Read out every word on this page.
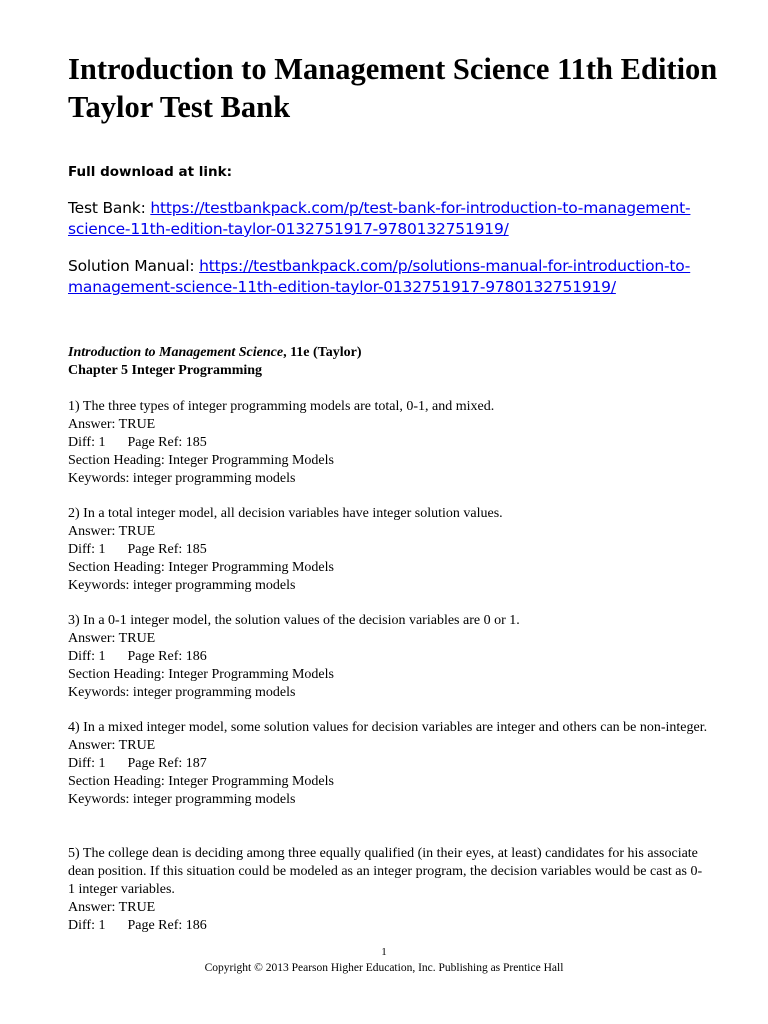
Introduction to Management Science 11th Edition Taylor Test Bank

Full download at link:

Test Bank: https://testbankpack.com/p/test-bank-for-introduction-to-management-science-11th-edition-taylor-0132751917-9780132751919/

Solution Manual: https://testbankpack.com/p/solutions-manual-for-introduction-to-management-science-11th-edition-taylor-0132751917-9780132751919/

Introduction to Management Science, 11e (Taylor)

Chapter 5 Integer Programming

1) The three types of integer programming models are total, 0-1, and mixed.

Answer: TRUE

Diff: 1 Page Ref: 185

Section Heading: Integer Programming Models

Keywords: integer programming models

2) In a total integer model, all decision variables have integer solution values.

Answer: TRUE

Diff: 1 Page Ref: 185

Section Heading: Integer Programming Models

Keywords: integer programming models

3) In a 0-1 integer model, the solution values of the decision variables are 0 or 1.

Answer: TRUE

Diff: 1 Page Ref: 186

Section Heading: Integer Programming Models

Keywords: integer programming models

4) In a mixed integer model, some solution values for decision variables are integer and others can be non-integer.

Answer: TRUE

Diff: 1 Page Ref: 187

Section Heading: Integer Programming Models

Keywords: integer programming models

5) The college dean is deciding among three equally qualified (in their eyes, at least) candidates for his associate dean position. If this situation could be modeled as an integer program, the decision variables would be cast as 0-1 integer variables.

Answer: TRUE

Diff: 1 Page Ref: 186

1
Copyright © 2013 Pearson Higher Education, Inc. Publishing as Prentice Hall
